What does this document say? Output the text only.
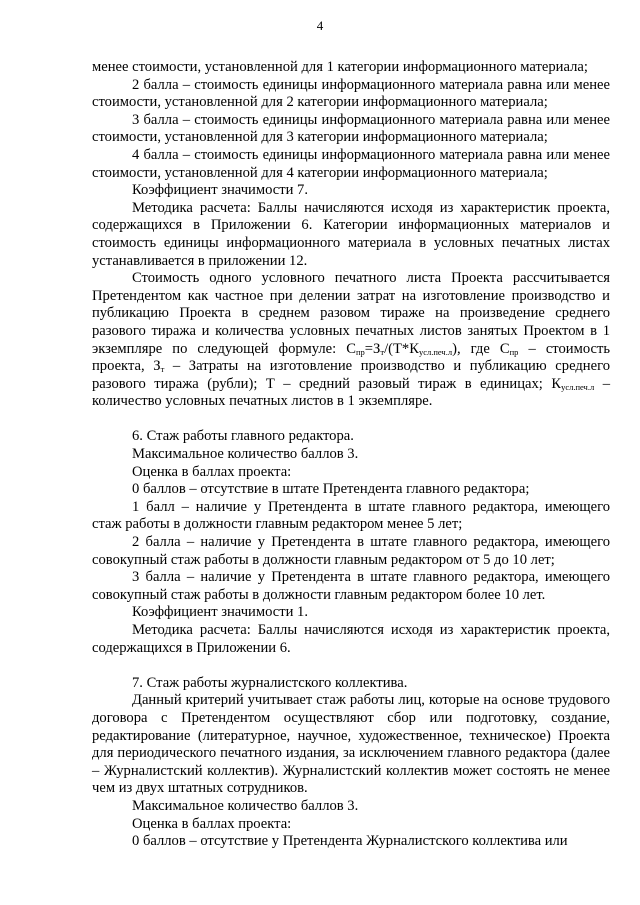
4

менее стоимости, установленной для 1 категории информационного материала;

2 балла – стоимость единицы информационного материала равна или менее стоимости, установленной для 2 категории информационного материала;

3 балла – стоимость единицы информационного материала равна или менее стоимости, установленной для 3 категории информационного материала;

4 балла – стоимость единицы информационного материала равна или менее стоимости, установленной для 4 категории информационного материала;

Коэффициент значимости 7.

Методика расчета: Баллы начисляются исходя из характеристик проекта, содержащихся в Приложении 6. Категории информационных материалов и стоимость единицы информационного материала в условных печатных листах устанавливается в приложении 12.

Стоимость одного условного печатного листа Проекта рассчитывается Претендентом как частное при делении затрат на изготовление производство и публикацию Проекта в среднем разовом тираже на произведение среднего разового тиража и количества условных печатных листов занятых Проектом в 1 экземпляре по следующей формуле: $С_{пр}=З_т/(Т*К_{усл.печ.л})$, где $С_{пр}$ – стоимость проекта, $З_т$ – Затраты на изготовление производство и публикацию среднего разового тиража (рубли); Т – средний разовый тираж в единицах; $К_{усл.печ.л}$ – количество условных печатных листов в 1 экземпляре.

6. Стаж работы главного редактора.

Максимальное количество баллов 3.

Оценка в баллах проекта:

0 баллов – отсутствие в штате Претендента главного редактора;

1 балл – наличие у Претендента в штате главного редактора, имеющего стаж работы в должности главным редактором менее 5 лет;

2 балла – наличие у Претендента в штате главного редактора, имеющего совокупный стаж работы в должности главным редактором от 5 до 10 лет;

3 балла – наличие у Претендента в штате главного редактора, имеющего совокупный стаж работы в должности главным редактором более 10 лет.

Коэффициент значимости 1.

Методика расчета: Баллы начисляются исходя из характеристик проекта, содержащихся в Приложении 6.

7. Стаж работы журналистского коллектива.

Данный критерий учитывает стаж работы лиц, которые на основе трудового договора с Претендентом осуществляют сбор или подготовку, создание, редактирование (литературное, научное, художественное, техническое) Проекта для периодического печатного издания, за исключением главного редактора (далее – Журналистский коллектив). Журналистский коллектив может состоять не менее чем из двух штатных сотрудников.

Максимальное количество баллов 3.

Оценка в баллах проекта:

0 баллов – отсутствие у Претендента Журналистского коллектива или
